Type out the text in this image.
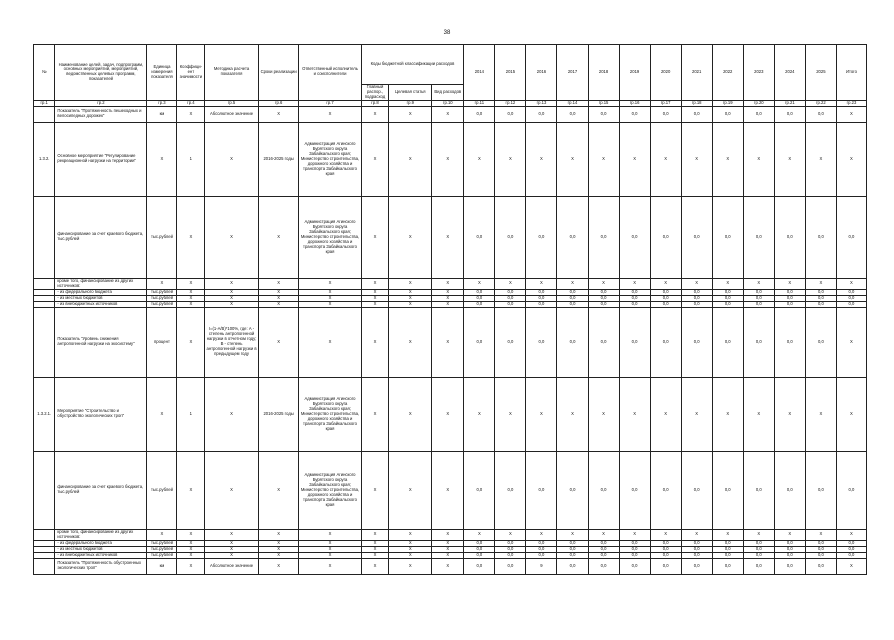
38
№	Наименование целей, задач, подпрограмм, основных мероприятий, мероприятий, ведомственных целевых программ, показателей	Единица измерения показателя	Коэффици-ент значимости	Методика расчета показателя	Сроки реализации	Ответственный исполнитель и соисполнители	Коды бюджетной классификации расходов			2014	2015	2016	2017	2018	2019	2020	2021	2022	2023	2024	2025	Итого
							Главный распор., подрасход	Целевая статья	Вид расходов													
гр.1	гр.2	гр.3	гр.4	гр.5	гр.6	гр.7	гр.8	гр.9	гр.10	гр.11	гр.12	гр.13	гр.14	гр.15	гр.16	гр.17	гр.18	гр.19	гр.20	гр.21	гр.22	гр.23
	Показатель "Протяженность пешеходных и велосипедных дорожек"	км	Х	Абсолютное значение	Х	Х	Х	Х	Х	0,0	0,0	0,0	0,0	0,0	0,0	0,0	0,0	0,0	0,0	0,0	0,0	Х
1.3.2.	Основное мероприятие "Регулирование рекреационной нагрузки на территории"	Х	1	Х	2016-2025 годы	Администрация Агинского Бурятского округа Забайкальского края; Министерство строительства, дорожного хозяйства и транспорта Забайкальского края	Х	Х	Х	Х	Х	Х	Х	Х	Х	Х	Х	Х	Х	Х	Х	Х
	финансирование за счет краевого бюджета, тыс.рублей	тыс.рублей	Х	Х	Х	Администрация Агинского Бурятского округа Забайкальского края; Министерство строительства, дорожного хозяйства и транспорта Забайкальского края	Х	Х	Х	0,0	0,0	0,0	0,0	0,0	0,0	0,0	0,0	0,0	0,0	0,0	0,0	0,0
	кроме того, финансирование из других источников:	Х	Х	Х	Х	Х	Х	Х	Х	Х	Х	Х	Х	Х	Х	Х	Х	Х	Х	Х	Х	Х
	- из федерального бюджета	тыс.рублей	Х	Х	Х	Х	Х	Х	Х	0,0	0,0	0,0	0,0	0,0	0,0	0,0	0,0	0,0	0,0	0,0	0,0	0,0
	- из местных бюджетов	тыс.рублей	Х	Х	Х	Х	Х	Х	Х	0,0	0,0	0,0	0,0	0,0	0,0	0,0	0,0	0,0	0,0	0,0	0,0	0,0
	- из внебюджетных источников	тыс.рублей	Х	Х	Х	Х	Х	Х	Х	0,0	0,0	0,0	0,0	0,0	0,0	0,0	0,0	0,0	0,0	0,0	0,0	0,0
	Показатель "Уровень снижения антропогенной нагрузки на экосистему"	процент	Х	I=(1-A/B)*100%, где: А - степень антропогенной нагрузки в отчетном году; В - степень антропогенной нагрузки в предыдущем году	Х	Х	Х	Х	Х	0,0	0,0	0,0	0,0	0,0	0,0	0,0	0,0	0,0	0,0	0,0	0,0	Х
1.3.2.1.	Мероприятие "Строительство и обустройство экологических троп"	Х	1	Х	2016-2025 годы	Администрация Агинского Бурятского округа Забайкальского края; Министерство строительства, дорожного хозяйства и транспорта Забайкальского края	Х	Х	Х	Х	Х	Х	Х	Х	Х	Х	Х	Х	Х	Х	Х	Х
	финансирование за счет краевого бюджета, тыс.рублей	тыс.рублей	Х	Х	Х	Администрация Агинского Бурятского округа Забайкальского края; Министерство строительства, дорожного хозяйства и транспорта Забайкальского края	Х	Х	Х	0,0	0,0	0,0	0,0	0,0	0,0	0,0	0,0	0,0	0,0	0,0	0,0	0,0
	кроме того, финансирование из других источников:	Х	Х	Х	Х	Х	Х	Х	Х	Х	Х	Х	Х	Х	Х	Х	Х	Х	Х	Х	Х	Х
	- из федерального бюджета	тыс.рублей	Х	Х	Х	Х	Х	Х	Х	0,0	0,0	0,0	0,0	0,0	0,0	0,0	0,0	0,0	0,0	0,0	0,0	0,0
	- из местных бюджетов	тыс.рублей	Х	Х	Х	Х	Х	Х	Х	0,0	0,0	0,0	0,0	0,0	0,0	0,0	0,0	0,0	0,0	0,0	0,0	0,0
	- из внебюджетных источников	тыс.рублей	Х	Х	Х	Х	Х	Х	Х	0,0	0,0	0,0	0,0	0,0	0,0	0,0	0,0	0,0	0,0	0,0	0,0	0,0
	Показатель "Протяженность обустроенных экологических троп"	км	Х	Абсолютное значение	Х	Х	Х	Х	Х	0,0	0,0	9	0,0	0,0	0,0	0,0	0,0	0,0	0,0	0,0	0,0	Х
